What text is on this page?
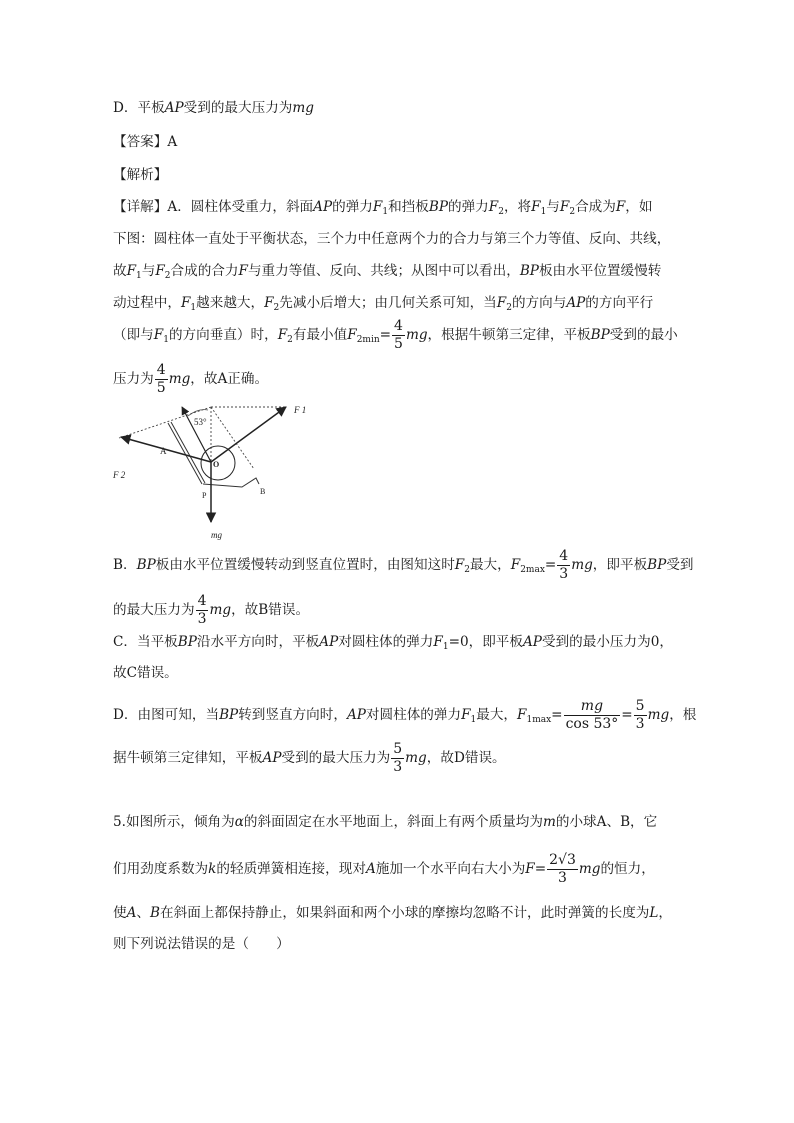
D．平板AP受到的最大压力为mg
【答案】A
【解析】
【详解】A．圆柱体受重力，斜面AP的弹力$F_1$和挡板BP的弹力$F_2$，将$F_1$与$F_2$合成为F，如
下图：圆柱体一直处于平衡状态，三个力中任意两个力的合力与第三个力等值、反向、共线，
故$F_1$与$F_2$合成的合力F与重力等值、反向、共线；从图中可以看出，BP板由水平位置缓慢转
动过程中，$F_1$越来越大，$F_2$先减小后增大；由几何关系可知，当$F_2$的方向与AP的方向平行
（即与$F_1$的方向垂直）时，$F_2$有最小值$F_{2min}= \frac{4}{5}$ mg，根据牛顿第三定律，平板BP受到的最小
压力为 $\frac{4}{5}$ mg，故A正确。
53°
F 1
F 2
A
O
P	B
mg
B．BP板由水平位置缓慢转动到竖直位置时，由图知这时$F_2$最大，$F_{2max}= \frac{4}{3}$ mg，即平板BP受到
的最大压力为 $\frac{4}{3}$ mg，故B错误。
C．当平板BP沿水平方向时，平板AP对圆柱体的弹力$F_1=0$，即平板AP受到的最小压力为0，
故C错误。
D．由图可知，当BP转到竖直方向时，AP对圆柱体的弹力$F_1$最大，$F_{1max}= \frac{mg}{\cos 53^\circ} = \frac{5}{3}$ mg，根
据牛顿第三定律知，平板AP受到的最大压力为 $\frac{5}{3}$ mg，故D错误。
5.如图所示，倾角为α的斜面固定在水平地面上，斜面上有两个质量均为m的小球A、B，它
们用劲度系数为k的轻质弹簧相连接，现对A施加一个水平向右大小为$F= \frac{2√3}{3}$ mg的恒力，
使A、B在斜面上都保持静止，如果斜面和两个小球的摩擦均忽略不计，此时弹簧的长度为L，
则下列说法错误的是（　　）
